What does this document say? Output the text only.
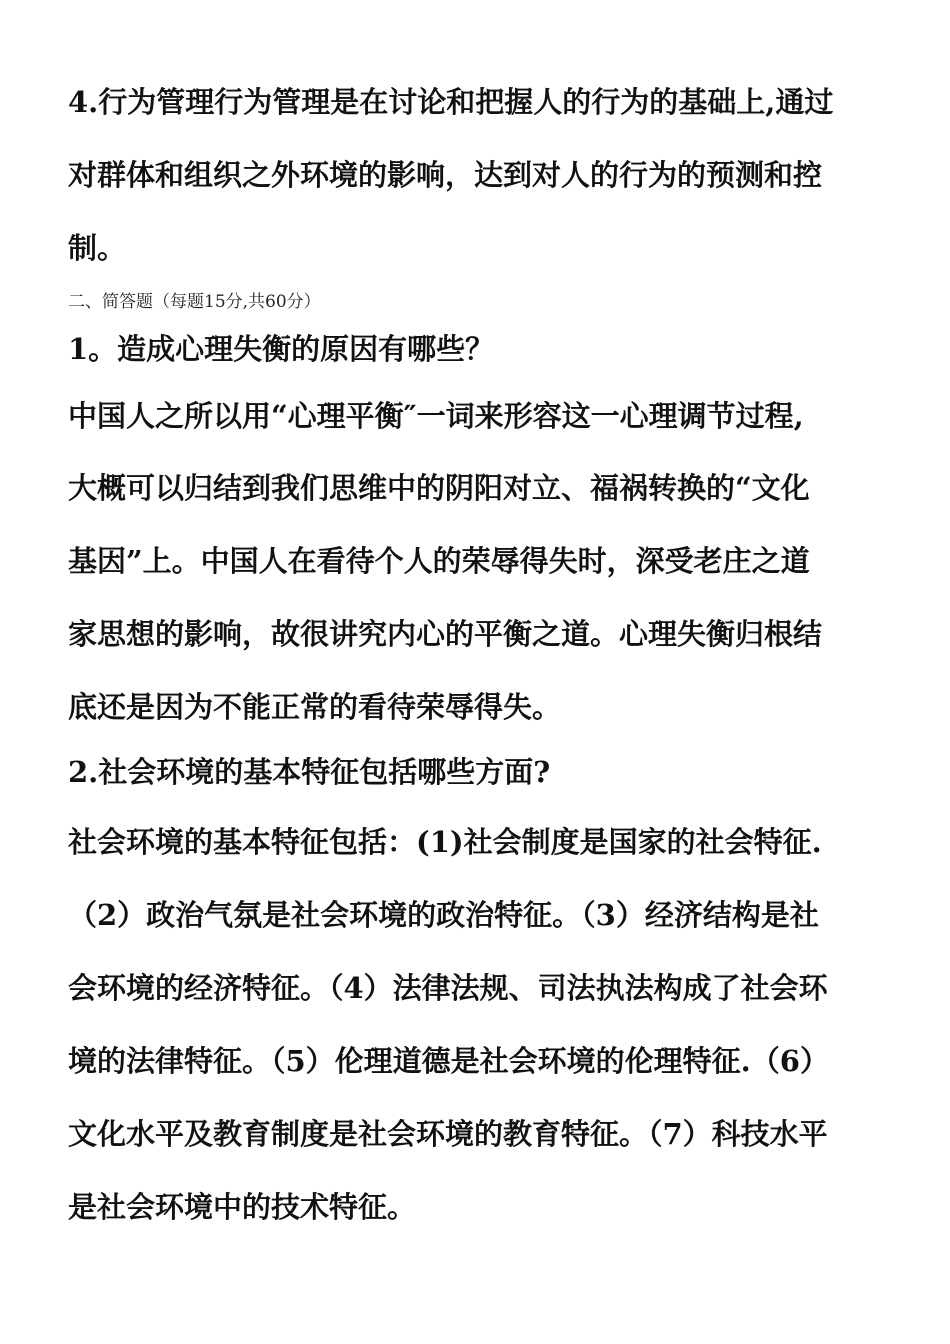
4.行为管理行为管理是在讨论和把握人的行为的基础上,通过
对群体和组织之外环境的影响，达到对人的行为的预测和控
制。
二、简答题（每题15分,共60分）
1。造成心理失衡的原因有哪些？
中国人之所以用“心理平衡″一词来形容这一心理调节过程,
大概可以归结到我们思维中的阴阳对立、福祸转换的“文化
基因”上。中国人在看待个人的荣辱得失时，深受老庄之道
家思想的影响，故很讲究内心的平衡之道。心理失衡归根结
底还是因为不能正常的看待荣辱得失。
2.社会环境的基本特征包括哪些方面?
社会环境的基本特征包括：(1)社会制度是国家的社会特征.
（2）政治气氛是社会环境的政治特征。（3）经济结构是社
会环境的经济特征。（4）法律法规、司法执法构成了社会环
境的法律特征。（5）伦理道德是社会环境的伦理特征.（6）
文化水平及教育制度是社会环境的教育特征。（7）科技水平
是社会环境中的技术特征。
